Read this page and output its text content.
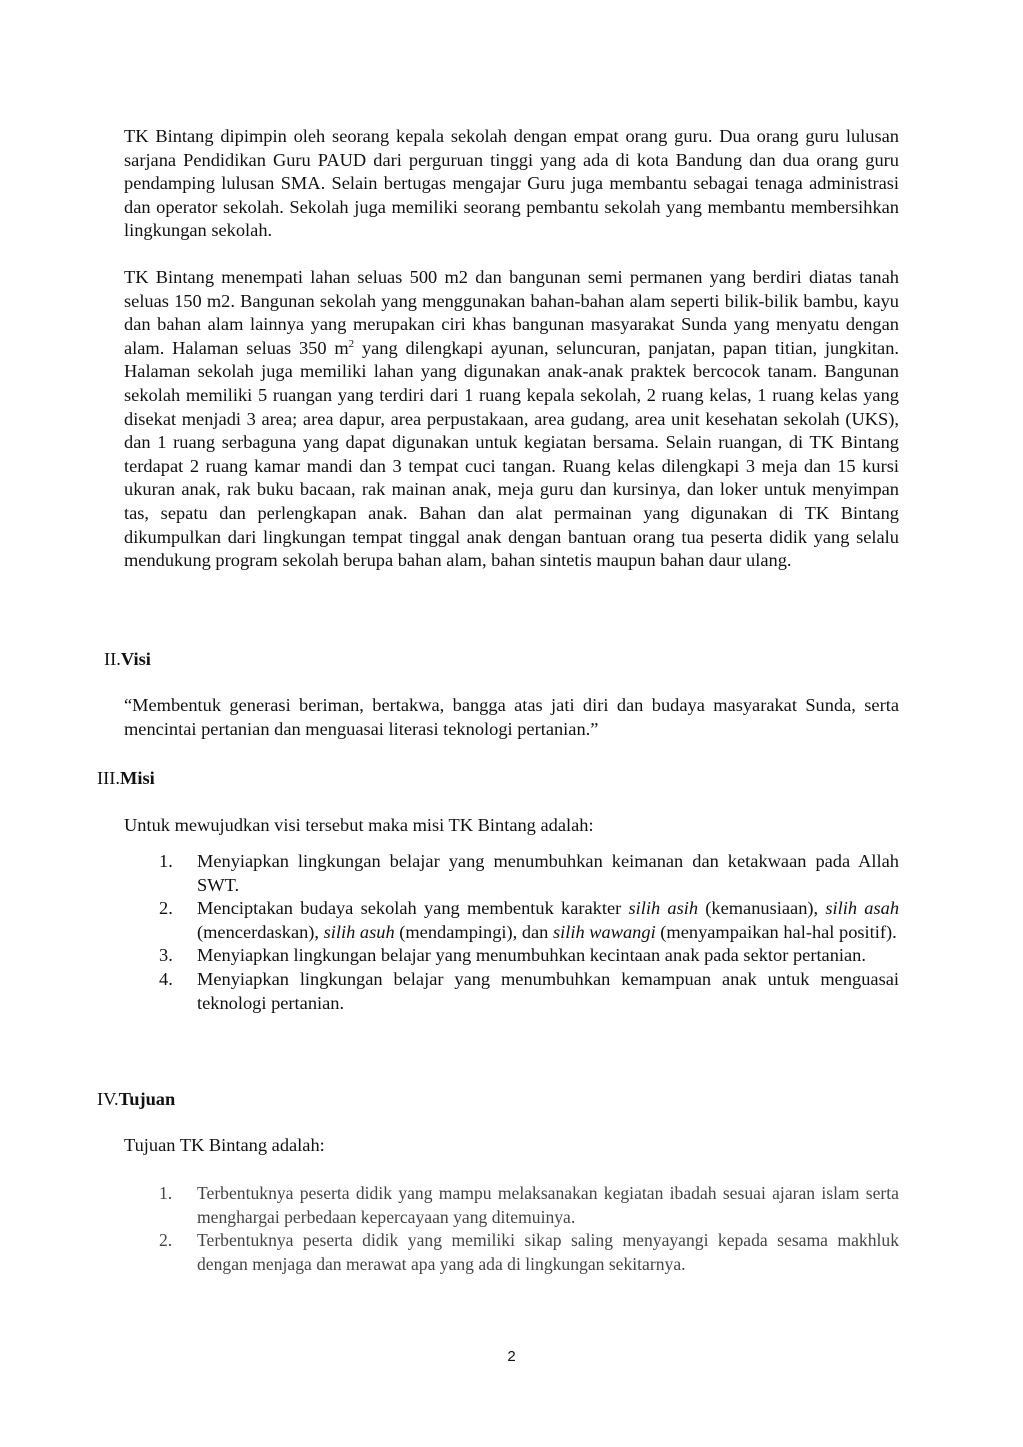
TK Bintang dipimpin oleh seorang kepala sekolah dengan empat orang guru. Dua orang guru lulusan sarjana Pendidikan Guru PAUD dari perguruan tinggi yang ada di kota Bandung dan dua orang guru pendamping lulusan SMA. Selain bertugas mengajar Guru juga membantu sebagai tenaga administrasi dan operator sekolah. Sekolah juga memiliki seorang pembantu sekolah yang membantu membersihkan lingkungan sekolah.

TK Bintang menempati lahan seluas 500 m2 dan bangunan semi permanen yang berdiri diatas tanah seluas 150 m2. Bangunan sekolah yang menggunakan bahan-bahan alam seperti bilik-bilik bambu, kayu dan bahan alam lainnya yang merupakan ciri khas bangunan masyarakat Sunda yang menyatu dengan alam. Halaman seluas 350 $m^2$ yang dilengkapi ayunan, seluncuran, panjatan, papan titian, jungkitan. Halaman sekolah juga memiliki lahan yang digunakan anak-anak praktek bercocok tanam. Bangunan sekolah memiliki 5 ruangan yang terdiri dari 1 ruang kepala sekolah, 2 ruang kelas, 1 ruang kelas yang disekat menjadi 3 area; area dapur, area perpustakaan, area gudang, area unit kesehatan sekolah (UKS), dan 1 ruang serbaguna yang dapat digunakan untuk kegiatan bersama. Selain ruangan, di TK Bintang terdapat 2 ruang kamar mandi dan 3 tempat cuci tangan. Ruang kelas dilengkapi 3 meja dan 15 kursi ukuran anak, rak buku bacaan, rak mainan anak, meja guru dan kursinya, dan loker untuk menyimpan tas, sepatu dan perlengkapan anak. Bahan dan alat permainan yang digunakan di TK Bintang dikumpulkan dari lingkungan tempat tinggal anak dengan bantuan orang tua peserta didik yang selalu mendukung program sekolah berupa bahan alam, bahan sintetis maupun bahan daur ulang.

II.Visi

“Membentuk generasi beriman, bertakwa, bangga atas jati diri dan budaya masyarakat Sunda, serta mencintai pertanian dan menguasai literasi teknologi pertanian.”

III.Misi

Untuk mewujudkan visi tersebut maka misi TK Bintang adalah:

1.	Menyiapkan lingkungan belajar yang menumbuhkan keimanan dan ketakwaan pada Allah SWT.
2.	Menciptakan budaya sekolah yang membentuk karakter silih asih (kemanusiaan), silih asah (mencerdaskan), silih asuh (mendampingi), dan silih wawangi (menyampaikan hal-hal positif).
3.	Menyiapkan lingkungan belajar yang menumbuhkan kecintaan anak pada sektor pertanian.
4.	Menyiapkan lingkungan belajar yang menumbuhkan kemampuan anak untuk menguasai teknologi pertanian.
IV.Tujuan

Tujuan TK Bintang adalah:

1.	Terbentuknya peserta didik yang mampu melaksanakan kegiatan ibadah sesuai ajaran islam serta menghargai perbedaan kepercayaan yang ditemuinya.
2.	Terbentuknya peserta didik yang memiliki sikap saling menyayangi kepada sesama makhluk dengan menjaga dan merawat apa yang ada di lingkungan sekitarnya.
2
